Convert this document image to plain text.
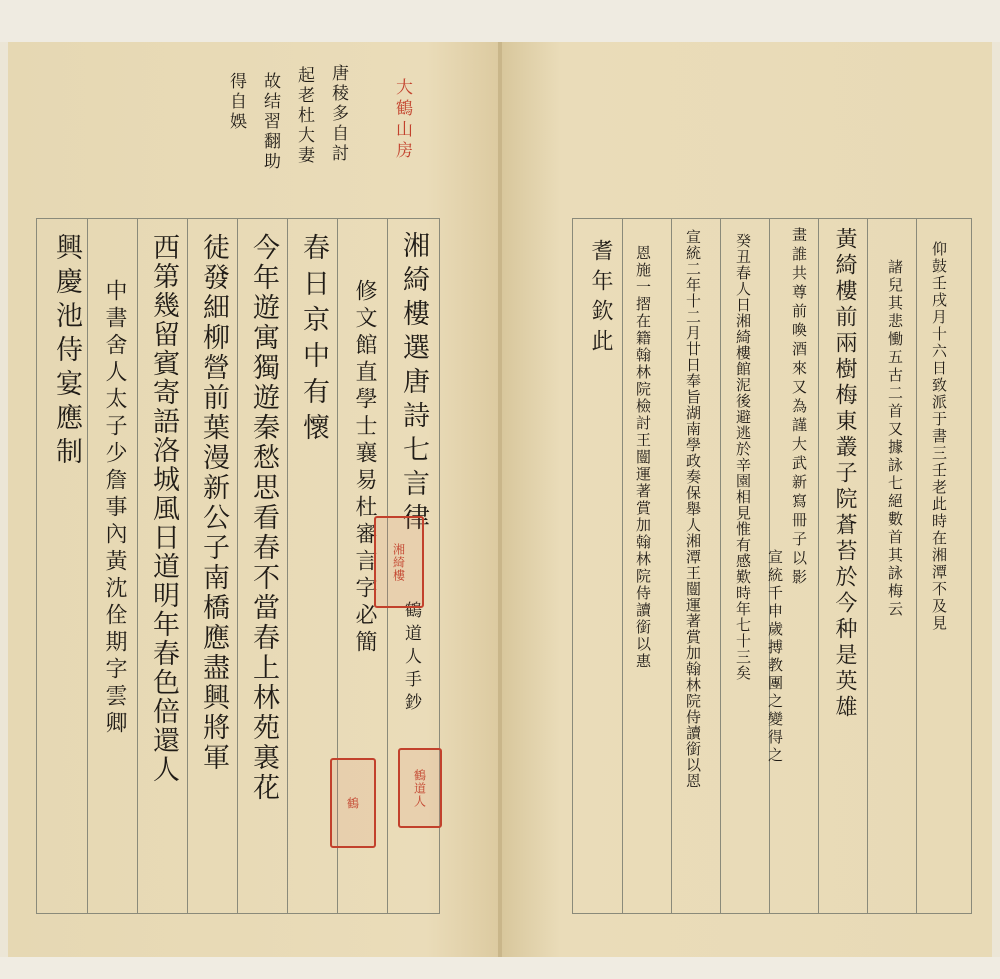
唐稜多自討
起老杜大妻
故结習翻助
得自娛	大鶴山房
湘綺樓選唐詩七言律
鶴道人手鈔
修文館直學士襄易杜審言字必簡
春日京中有懷
今年遊寓獨遊秦愁思看春不當春上林苑裏花
徒發細柳營前葉漫新公子南橋應盡興將軍
西第幾留賓寄語洛城風日道明年春色倍還人
中書舍人太子少詹事內黃沈佺期字雲卿
興慶池侍宴應制
湘綺樓
鶴道人
鶴
仰鼓壬戌月十六日致派于書三壬老此時在湘潭不及見
諸兒其悲慟五古二首又據詠七絕數首其詠梅云
黃綺樓前兩樹梅東叢子院蒼苔於今种是英雄
畫誰共尊前喚酒來又為謹大武新寫冊子以影
宣統千申歲搏教團之變得之
癸丑春人日湘綺樓館泥後避逃於辛園相見惟有感歎時年七十三矣
宣統二年十二月廿日奉旨湖南學政奏保舉人湘潭王闓運著賞加翰林院侍讀銜以恩
恩施一摺在籍翰林院檢討王闓運著賞加翰林院侍讀銜以惠
耆年欽此
